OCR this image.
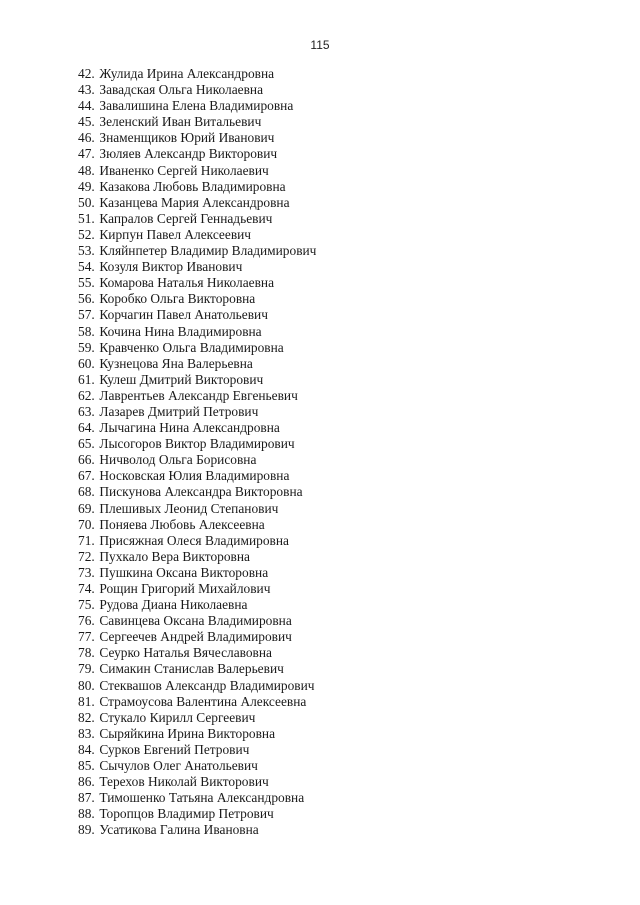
115
42. Жулида Ирина Александровна
43. Завадская Ольга Николаевна
44. Завалишина Елена Владимировна
45. Зеленский Иван Витальевич
46. Знаменщиков Юрий Иванович
47. Зюляев Александр Викторович
48. Иваненко Сергей Николаевич
49. Казакова Любовь Владимировна
50. Казанцева Мария Александровна
51. Капралов Сергей Геннадьевич
52. Кирпун Павел Алексеевич
53. Кляйнпетер Владимир Владимирович
54. Козуля Виктор Иванович
55. Комарова Наталья Николаевна
56. Коробко Ольга Викторовна
57. Корчагин Павел Анатольевич
58. Кочина Нина Владимировна
59. Кравченко Ольга Владимировна
60. Кузнецова Яна Валерьевна
61. Кулеш Дмитрий Викторович
62. Лаврентьев Александр Евгеньевич
63. Лазарев Дмитрий Петрович
64. Лычагина Нина Александровна
65. Лысогоров Виктор Владимирович
66. Ничволод Ольга Борисовна
67. Носковская Юлия Владимировна
68. Пискунова Александра Викторовна
69. Плешивых Леонид Степанович
70. Поняева Любовь Алексеевна
71. Присяжная Олеся Владимировна
72. Пухкало Вера Викторовна
73. Пушкина Оксана Викторовна
74. Рощин Григорий Михайлович
75. Рудова Диана Николаевна
76. Савинцева Оксана Владимировна
77. Сергеечев Андрей Владимирович
78. Сеурко Наталья Вячеславовна
79. Симакин Станислав Валерьевич
80. Стеквашов Александр Владимирович
81. Страмоусова Валентина Алексеевна
82. Стукало Кирилл Сергеевич
83. Сыряйкина Ирина Викторовна
84. Сурков Евгений Петрович
85. Сычулов Олег Анатольевич
86. Терехов Николай Викторович
87. Тимошенко Татьяна Александровна
88. Торопцов Владимир Петрович
89. Усатикова Галина Ивановна
